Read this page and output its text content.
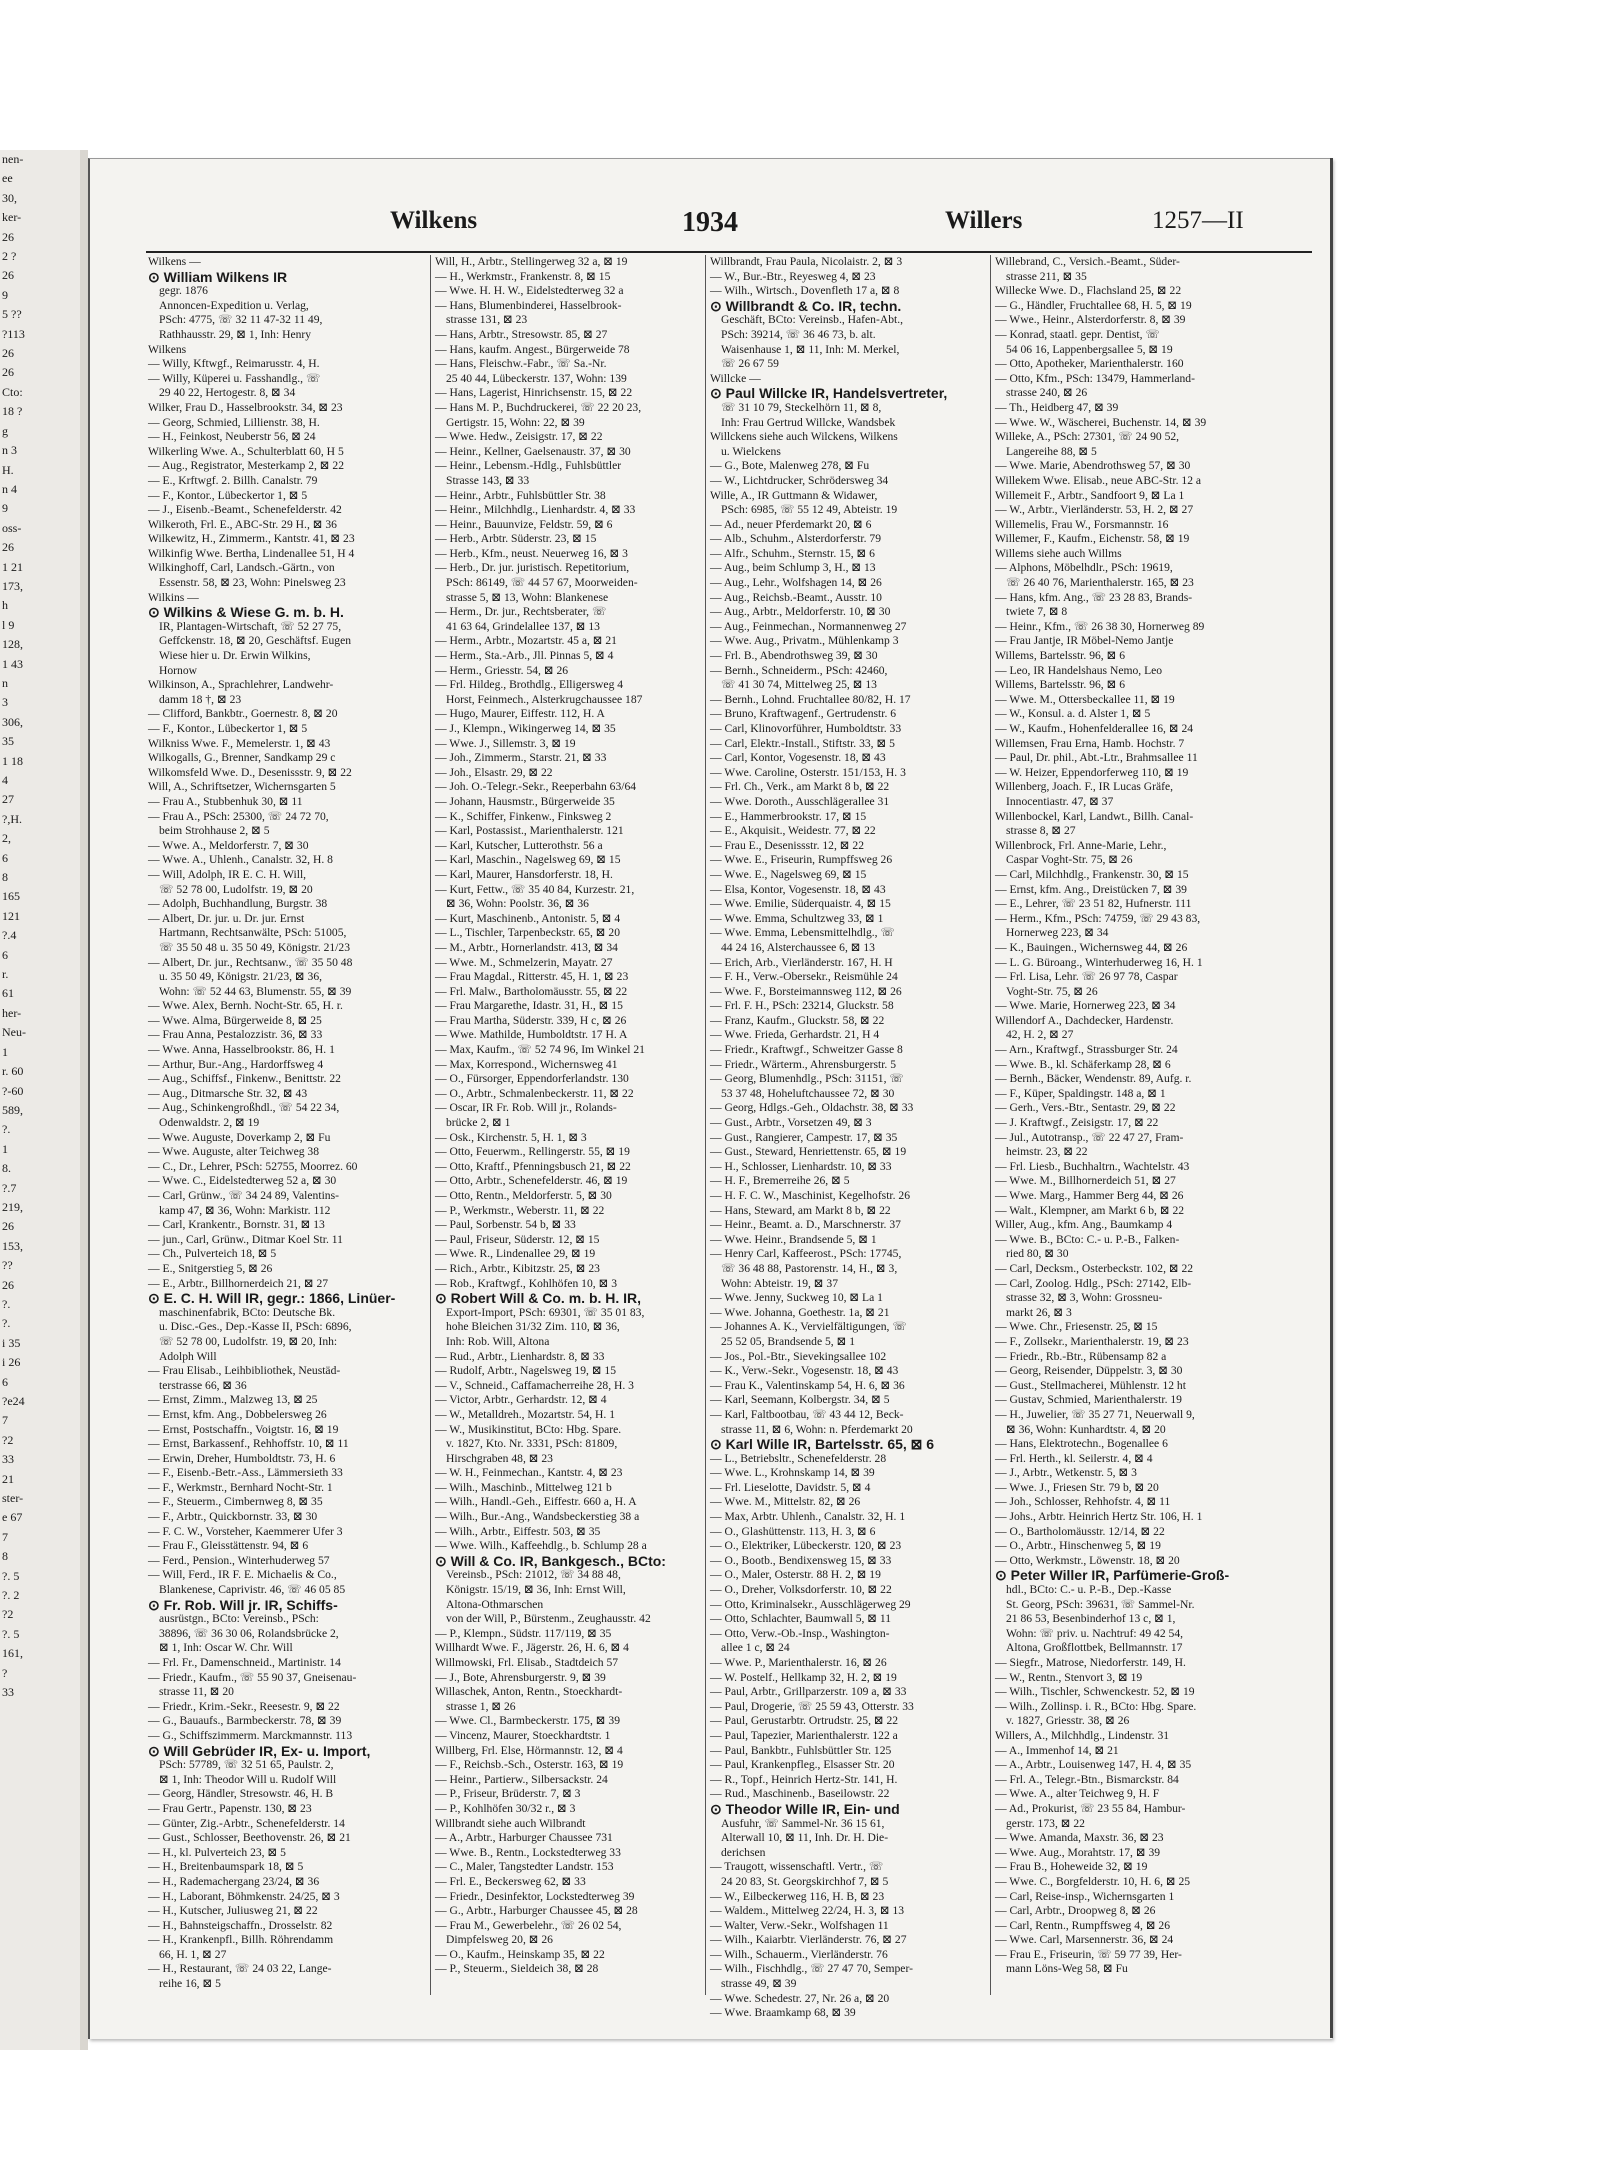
nen-
ee
30,
ker-
26
2 ?
26
9
5 ??
?113
26
26
Cto:
18 ?
g
n 3
H.
n 4
9
oss-
26
1 21
173,
h
l 9
128,
1 43
n
3
306,
35
1 18
4
27
?,H.
2,
6
8
165
121
?.4
6
r.
61
her-
Neu-
1
r. 60
?-60
589,
?.
1
8.
?.7
219,
26
153,
??
26
?.
?.
i 35
i 26
6
?e24
7
?2
33
21
ster-
e 67
7
8
?. 5
?. 2
?2
?. 5
161,
?
33
Wilkens	1934	Willers	1257—II
Wilkens —
⊙ William Wilkens IR
gegr. 1876
Annoncen-Expedition u. Verlag,
PSch: 4775, ☏ 32 11 47-32 11 49,
Rathhausstr. 29, ⊠ 1, Inh: Henry
Wilkens
— Willy, Kftwgf., Reimarusstr. 4, H.
— Willy, Küperei u. Fasshandlg., ☏
29 40 22, Hertogestr. 8, ⊠ 34
Wilker, Frau D., Hasselbrookstr. 34, ⊠ 23
— Georg, Schmied, Lillienstr. 38, H.
— H., Feinkost, Neuberstr 56, ⊠ 24
Wilkerling Wwe. A., Schulterblatt 60, H 5
— Aug., Registrator, Mesterkamp 2, ⊠ 22
— E., Krftwgf. 2. Billh. Canalstr. 79
— F., Kontor., Lübeckertor 1, ⊠ 5
— J., Eisenb.-Beamt., Schenefelderstr. 42
Wilkeroth, Frl. E., ABC-Str. 29 H., ⊠ 36
Wilkewitz, H., Zimmerm., Kantstr. 41, ⊠ 23
Wilkinfig Wwe. Bertha, Lindenallee 51, H 4
Wilkinghoff, Carl, Landsch.-Gärtn., von
Essenstr. 58, ⊠ 23, Wohn: Pinelsweg 23
Wilkins —
⊙ Wilkins & Wiese G. m. b. H.
IR, Plantagen-Wirtschaft, ☏ 52 27 75,
Geffckenstr. 18, ⊠ 20, Geschäftsf. Eugen
Wiese hier u. Dr. Erwin Wilkins,
Hornow
Wilkinson, A., Sprachlehrer, Landwehr-
damm 18 †, ⊠ 23
— Clifford, Bankbtr., Goernestr. 8, ⊠ 20
— F., Kontor., Lübeckertor 1, ⊠ 5
Wilkniss Wwe. F., Memelerstr. 1, ⊠ 43
Wilkogalls, G., Brenner, Sandkamp 29 c
Wilkomsfeld Wwe. D., Desenissstr. 9, ⊠ 22
Will, A., Schriftsetzer, Wichernsgarten 5
— Frau A., Stubbenhuk 30, ⊠ 11
— Frau A., PSch: 25300, ☏ 24 72 70,
beim Strohhause 2, ⊠ 5
— Wwe. A., Meldorferstr. 7, ⊠ 30
— Wwe. A., Uhlenh., Canalstr. 32, H. 8
— Will, Adolph, IR E. C. H. Will,
☏ 52 78 00, Ludolfstr. 19, ⊠ 20
— Adolph, Buchhandlung, Burgstr. 38
— Albert, Dr. jur. u. Dr. jur. Ernst
Hartmann, Rechtsanwälte, PSch: 51005,
☏ 35 50 48 u. 35 50 49, Königstr. 21/23
— Albert, Dr. jur., Rechtsanw., ☏ 35 50 48
u. 35 50 49, Königstr. 21/23, ⊠ 36,
Wohn: ☏ 52 44 63, Blumenstr. 55, ⊠ 39
— Wwe. Alex, Bernh. Nocht-Str. 65, H. r.
— Wwe. Alma, Bürgerweide 8, ⊠ 25
— Frau Anna, Pestalozzistr. 36, ⊠ 33
— Wwe. Anna, Hasselbrookstr. 86, H. 1
— Arthur, Bur.-Ang., Hardorffsweg 4
— Aug., Schiffsf., Finkenw., Benittstr. 22
— Aug., Ditmarsche Str. 32, ⊠ 43
— Aug., Schinkengroßhdl., ☏ 54 22 34,
Odenwaldstr. 2, ⊠ 19
— Wwe. Auguste, Doverkamp 2, ⊠ Fu
— Wwe. Auguste, alter Teichweg 38
— C., Dr., Lehrer, PSch: 52755, Moorrez. 60
— Wwe. C., Eidelstedterweg 52 a, ⊠ 30
— Carl, Grünw., ☏ 34 24 89, Valentins-
kamp 47, ⊠ 36, Wohn: Markistr. 112
— Carl, Krankentr., Bornstr. 31, ⊠ 13
— jun., Carl, Grünw., Ditmar Koel Str. 11
— Ch., Pulverteich 18, ⊠ 5
— E., Snitgerstieg 5, ⊠ 26
— E., Arbtr., Billhornerdeich 21, ⊠ 27
⊙ E. C. H. Will IR, gegr.: 1866, Linüer-
maschinenfabrik, BCto: Deutsche Bk.
u. Disc.-Ges., Dep.-Kasse II, PSch: 6896,
☏ 52 78 00, Ludolfstr. 19, ⊠ 20, Inh:
Adolph Will
— Frau Elisab., Leihbibliothek, Neustäd-
terstrasse 66, ⊠ 36
— Ernst, Zimm., Malzweg 13, ⊠ 25
— Ernst, kfm. Ang., Dobbelersweg 26
— Ernst, Postschaffn., Voigtstr. 16, ⊠ 19
— Ernst, Barkassenf., Rehhoffstr. 10, ⊠ 11
— Erwin, Dreher, Humboldtstr. 73, H. 6
— F., Eisenb.-Betr.-Ass., Lämmersieth 33
— F., Werkmstr., Bernhard Nocht-Str. 1
— F., Steuerm., Cimbernweg 8, ⊠ 35
— F., Arbtr., Quickbornstr. 33, ⊠ 30
— F. C. W., Vorsteher, Kaemmerer Ufer 3
— Frau F., Gleisstättenstr. 94, ⊠ 6
— Ferd., Pension., Winterhuderweg 57
— Will, Ferd., IR F. E. Michaelis & Co.,
Blankenese, Caprivistr. 46, ☏ 46 05 85
⊙ Fr. Rob. Will jr. IR, Schiffs-
ausrüstgn., BCto: Vereinsb., PSch:
38896, ☏ 36 30 06, Rolandsbrücke 2,
⊠ 1, Inh: Oscar W. Chr. Will
— Frl. Fr., Damenschneid., Martinistr. 14
— Friedr., Kaufm., ☏ 55 90 37, Gneisenau-
strasse 11, ⊠ 20
— Friedr., Krim.-Sekr., Reesestr. 9, ⊠ 22
— G., Bauaufs., Barmbeckerstr. 78, ⊠ 39
— G., Schiffszimmerm. Marckmannstr. 113
⊙ Will Gebrüder IR, Ex- u. Import,
PSch: 57789, ☏ 32 51 65, Paulstr. 2,
⊠ 1, Inh: Theodor Will u. Rudolf Will
— Georg, Händler, Stresowstr. 46, H. B
— Frau Gertr., Papenstr. 130, ⊠ 23
— Günter, Zig.-Arbtr., Schenefelderstr. 14
— Gust., Schlosser, Beethovenstr. 26, ⊠ 21
— H., kl. Pulverteich 23, ⊠ 5
— H., Breitenbaumspark 18, ⊠ 5
— H., Rademachergang 23/24, ⊠ 36
— H., Laborant, Böhmkenstr. 24/25, ⊠ 3
— H., Kutscher, Juliusweg 21, ⊠ 22
— H., Bahnsteigschaffn., Drosselstr. 82
— H., Krankenpfl., Billh. Röhrendamm
66, H. 1, ⊠ 27
— H., Restaurant, ☏ 24 03 22, Lange-
reihe 16, ⊠ 5
Will, H., Arbtr., Stellingerweg 32 a, ⊠ 19
— H., Werkmstr., Frankenstr. 8, ⊠ 15
— Wwe. H. H. W., Eidelstedterweg 32 a
— Hans, Blumenbinderei, Hasselbrook-
strasse 131, ⊠ 23
— Hans, Arbtr., Stresowstr. 85, ⊠ 27
— Hans, kaufm. Angest., Bürgerweide 78
— Hans, Fleischw.-Fabr., ☏ Sa.-Nr.
25 40 44, Lübeckerstr. 137, Wohn: 139
— Hans, Lagerist, Hinrichsenstr. 15, ⊠ 22
— Hans M. P., Buchdruckerei, ☏ 22 20 23,
Gertigstr. 15, Wohn: 22, ⊠ 39
— Wwe. Hedw., Zeisigstr. 17, ⊠ 22
— Heinr., Kellner, Gaelsenaustr. 37, ⊠ 30
— Heinr., Lebensm.-Hdlg., Fuhlsbüttler
Strasse 143, ⊠ 33
— Heinr., Arbtr., Fuhlsbüttler Str. 38
— Heinr., Milchhdlg., Lienhardstr. 4, ⊠ 33
— Heinr., Bauunvize, Feldstr. 59, ⊠ 6
— Herb., Arbtr. Süderstr. 23, ⊠ 15
— Herb., Kfm., neust. Neuerweg 16, ⊠ 3
— Herb., Dr. jur. juristisch. Repetitorium,
PSch: 86149, ☏ 44 57 67, Moorweiden-
strasse 5, ⊠ 13, Wohn: Blankenese
— Herm., Dr. jur., Rechtsberater, ☏
41 63 64, Grindelallee 137, ⊠ 13
— Herm., Arbtr., Mozartstr. 45 a, ⊠ 21
— Herm., Sta.-Arb., Jll. Pinnas 5, ⊠ 4
— Herm., Griesstr. 54, ⊠ 26
— Frl. Hildeg., Brothdlg., Elligersweg 4
Horst, Feinmech., Alsterkrugchaussee 187
— Hugo, Maurer, Eiffestr. 112, H. A
— J., Klempn., Wikingerweg 14, ⊠ 35
— Wwe. J., Sillemstr. 3, ⊠ 19
— Joh., Zimmerm., Starstr. 21, ⊠ 33
— Joh., Elsastr. 29, ⊠ 22
— Joh. O.-Telegr.-Sekr., Reeperbahn 63/64
— Johann, Hausmstr., Bürgerweide 35
— K., Schiffer, Finkenw., Finksweg 2
— Karl, Postassist., Marienthalerstr. 121
— Karl, Kutscher, Lutterothstr. 56 a
— Karl, Maschin., Nagelsweg 69, ⊠ 15
— Karl, Maurer, Hansdorferstr. 18, H.
— Kurt, Fettw., ☏ 35 40 84, Kurzestr. 21,
⊠ 36, Wohn: Poolstr. 36, ⊠ 36
— Kurt, Maschinenb., Antonistr. 5, ⊠ 4
— L., Tischler, Tarpenbeckstr. 65, ⊠ 20
— M., Arbtr., Hornerlandstr. 413, ⊠ 34
— Wwe. M., Schmelzerin, Mayatr. 27
— Frau Magdal., Ritterstr. 45, H. 1, ⊠ 23
— Frl. Malw., Bartholomäusstr. 55, ⊠ 22
— Frau Margarethe, Idastr. 31, H., ⊠ 15
— Frau Martha, Süderstr. 339, H c, ⊠ 26
— Wwe. Mathilde, Humboldtstr. 17 H. A
— Max, Kaufm., ☏ 52 74 96, Im Winkel 21
— Max, Korrespond., Wichernsweg 41
— O., Fürsorger, Eppendorferlandstr. 130
— O., Arbtr., Schmalenbeckerstr. 11, ⊠ 22
— Oscar, IR Fr. Rob. Will jr., Rolands-
brücke 2, ⊠ 1
— Osk., Kirchenstr. 5, H. 1, ⊠ 3
— Otto, Feuerwm., Rellingerstr. 55, ⊠ 19
— Otto, Kraftf., Pfenningsbusch 21, ⊠ 22
— Otto, Arbtr., Schenefelderstr. 46, ⊠ 19
— Otto, Rentn., Meldorferstr. 5, ⊠ 30
— P., Werkmstr., Weberstr. 11, ⊠ 22
— Paul, Sorbenstr. 54 b, ⊠ 33
— Paul, Friseur, Süderstr. 12, ⊠ 15
— Wwe. R., Lindenallee 29, ⊠ 19
— Rich., Arbtr., Kibitzstr. 25, ⊠ 23
— Rob., Kraftwgf., Kohlhöfen 10, ⊠ 3
⊙ Robert Will & Co. m. b. H. IR,
Export-Import, PSch: 69301, ☏ 35 01 83,
hohe Bleichen 31/32 Zim. 110, ⊠ 36,
Inh: Rob. Will, Altona
— Rud., Arbtr., Lienhardstr. 8, ⊠ 33
— Rudolf, Arbtr., Nagelsweg 19, ⊠ 15
— V., Schneid., Caffamacherreihe 28, H. 3
— Victor, Arbtr., Gerhardstr. 12, ⊠ 4
— W., Metalldreh., Mozartstr. 54, H. 1
— W., Musikinstitut, BCto: Hbg. Spare.
v. 1827, Kto. Nr. 3331, PSch: 81809,
Hirschgraben 48, ⊠ 23
— W. H., Feinmechan., Kantstr. 4, ⊠ 23
— Wilh., Maschinb., Mittelweg 121 b
— Wilh., Handl.-Geh., Eiffestr. 660 a, H. A
— Wilh., Bur.-Ang., Wandsbeckerstieg 38 a
— Wilh., Arbtr., Eiffestr. 503, ⊠ 35
— Wwe. Wilh., Kaffeehdlg., b. Schlump 28 a
⊙ Will & Co. IR, Bankgesch., BCto:
Vereinsb., PSch: 21012, ☏ 34 88 48,
Königstr. 15/19, ⊠ 36, Inh: Ernst Will,
Altona-Othmarschen
von der Will, P., Bürstenm., Zeughausstr. 42
— P., Klempn., Südstr. 117/119, ⊠ 35
Willhardt Wwe. F., Jägerstr. 26, H. 6, ⊠ 4
Willmowski, Frl. Elisab., Stadtdeich 57
— J., Bote, Ahrensburgerstr. 9, ⊠ 39
Willaschek, Anton, Rentn., Stoeckhardt-
strasse 1, ⊠ 26
— Wwe. Cl., Barmbeckerstr. 175, ⊠ 39
— Vincenz, Maurer, Stoeckhardtstr. 1
Willberg, Frl. Else, Hörmannstr. 12, ⊠ 4
— F., Reichsb.-Sch., Osterstr. 163, ⊠ 19
— Heinr., Partierw., Silbersackstr. 24
— P., Friseur, Brüderstr. 7, ⊠ 3
— P., Kohlhöfen 30/32 r., ⊠ 3
Willbrandt siehe auch Wilbrandt
— A., Arbtr., Harburger Chaussee 731
— Wwe. B., Rentn., Lockstedterweg 33
— C., Maler, Tangstedter Landstr. 153
— Frl. E., Beckersweg 62, ⊠ 33
— Friedr., Desinfektor, Lockstedterweg 39
— G., Arbtr., Harburger Chaussee 45, ⊠ 28
— Frau M., Gewerbelehr., ☏ 26 02 54,
Dimpfelsweg 20, ⊠ 26
— O., Kaufm., Heinskamp 35, ⊠ 22
— P., Steuerm., Sieldeich 38, ⊠ 28
Willbrandt, Frau Paula, Nicolaistr. 2, ⊠ 3
— W., Bur.-Btr., Reyesweg 4, ⊠ 23
— Wilh., Wirtsch., Dovenfleth 17 a, ⊠ 8
⊙ Willbrandt & Co. IR, techn.
Geschäft, BCto: Vereinsb., Hafen-Abt.,
PSch: 39214, ☏ 36 46 73, b. alt.
Waisenhause 1, ⊠ 11, Inh: M. Merkel,
☏ 26 67 59
Willcke —
⊙ Paul Willcke IR, Handelsvertreter,
☏ 31 10 79, Steckelhörn 11, ⊠ 8,
Inh: Frau Gertrud Willcke, Wandsbek
Willckens siehe auch Wilckens, Wilkens
u. Wielckens
— G., Bote, Malenweg 278, ⊠ Fu
— W., Lichtdrucker, Schrödersweg 34
Wille, A., IR Guttmann & Widawer,
PSch: 6985, ☏ 55 12 49, Abteistr. 19
— Ad., neuer Pferdemarkt 20, ⊠ 6
— Alb., Schuhm., Alsterdorferstr. 79
— Alfr., Schuhm., Sternstr. 15, ⊠ 6
— Aug., beim Schlump 3, H., ⊠ 13
— Aug., Lehr., Wolfshagen 14, ⊠ 26
— Aug., Reichsb.-Beamt., Ausstr. 10
— Aug., Arbtr., Meldorferstr. 10, ⊠ 30
— Aug., Feinmechan., Normannenweg 27
— Wwe. Aug., Privatm., Mühlenkamp 3
— Frl. B., Abendrothsweg 39, ⊠ 30
— Bernh., Schneiderm., PSch: 42460,
☏ 41 30 74, Mittelweg 25, ⊠ 13
— Bernh., Lohnd. Fruchtallee 80/82, H. 17
— Bruno, Kraftwagenf., Gertrudenstr. 6
— Carl, Klinovorführer, Humboldtstr. 33
— Carl, Elektr.-Install., Stiftstr. 33, ⊠ 5
— Carl, Kontor, Vogesenstr. 18, ⊠ 43
— Wwe. Caroline, Osterstr. 151/153, H. 3
— Frl. Ch., Verk., am Markt 8 b, ⊠ 22
— Wwe. Doroth., Ausschlägerallee 31
— E., Hammerbrookstr. 17, ⊠ 15
— E., Akquisit., Weidestr. 77, ⊠ 22
— Frau E., Desenissstr. 12, ⊠ 22
— Wwe. E., Friseurin, Rumpffsweg 26
— Wwe. E., Nagelsweg 69, ⊠ 15
— Elsa, Kontor, Vogesenstr. 18, ⊠ 43
— Wwe. Emilie, Süderquaistr. 4, ⊠ 15
— Wwe. Emma, Schultzweg 33, ⊠ 1
— Wwe. Emma, Lebensmittelhdlg., ☏
44 24 16, Alsterchaussee 6, ⊠ 13
— Erich, Arb., Vierländerstr. 167, H. H
— F. H., Verw.-Obersekr., Reismühle 24
— Wwe. F., Borsteimannsweg 112, ⊠ 26
— Frl. F. H., PSch: 23214, Gluckstr. 58
— Franz, Kaufm., Gluckstr. 58, ⊠ 22
— Wwe. Frieda, Gerhardstr. 21, H 4
— Friedr., Kraftwgf., Schweitzer Gasse 8
— Friedr., Wärterm., Ahrensburgerstr. 5
— Georg, Blumenhdlg., PSch: 31151, ☏
53 37 48, Hoheluftchaussee 72, ⊠ 30
— Georg, Hdlgs.-Geh., Oldachstr. 38, ⊠ 33
— Gust., Arbtr., Vorsetzen 49, ⊠ 3
— Gust., Rangierer, Campestr. 17, ⊠ 35
— Gust., Steward, Henriettenstr. 65, ⊠ 19
— H., Schlosser, Lienhardstr. 10, ⊠ 33
— H. F., Bremerreihe 26, ⊠ 5
— H. F. C. W., Maschinist, Kegelhofstr. 26
— Hans, Steward, am Markt 8 b, ⊠ 22
— Heinr., Beamt. a. D., Marschnerstr. 37
— Wwe. Heinr., Brandsende 5, ⊠ 1
— Henry Carl, Kaffeerost., PSch: 17745,
☏ 36 48 88, Pastorenstr. 14, H., ⊠ 3,
Wohn: Abteistr. 19, ⊠ 37
— Wwe. Jenny, Suckweg 10, ⊠ La 1
— Wwe. Johanna, Goethestr. 1a, ⊠ 21
— Johannes A. K., Vervielfältigungen, ☏
25 52 05, Brandsende 5, ⊠ 1
— Jos., Pol.-Btr., Sievekingsallee 102
— K., Verw.-Sekr., Vogesenstr. 18, ⊠ 43
— Frau K., Valentinskamp 54, H. 6, ⊠ 36
— Karl, Seemann, Kolbergstr. 34, ⊠ 5
— Karl, Faltbootbau, ☏ 43 44 12, Beck-
strasse 11, ⊠ 6, Wohn: n. Pferdemarkt 20
⊙ Karl Wille IR, Bartelsstr. 65, ⊠ 6
— L., Betriebsltr., Schenefelderstr. 28
— Wwe. L., Krohnskamp 14, ⊠ 39
— Frl. Lieselotte, Davidstr. 5, ⊠ 4
— Wwe. M., Mittelstr. 82, ⊠ 26
— Max, Arbtr. Uhlenh., Canalstr. 32, H. 1
— O., Glashüttenstr. 113, H. 3, ⊠ 6
— O., Elektriker, Lübeckerstr. 120, ⊠ 23
— O., Bootb., Bendixensweg 15, ⊠ 33
— O., Maler, Osterstr. 88 H. 2, ⊠ 19
— O., Dreher, Volksdorferstr. 10, ⊠ 22
— Otto, Kriminalsekr., Ausschlägerweg 29
— Otto, Schlachter, Baumwall 5, ⊠ 11
— Otto, Verw.-Ob.-Insp., Washington-
allee 1 c, ⊠ 24
— Wwe. P., Marienthalerstr. 16, ⊠ 26
— W. Postelf., Hellkamp 32, H. 2, ⊠ 19
— Paul, Arbtr., Grillparzerstr. 109 a, ⊠ 33
— Paul, Drogerie, ☏ 25 59 43, Otterstr. 33
— Paul, Gerustarbtr. Ortrudstr. 25, ⊠ 22
— Paul, Tapezier, Marienthalerstr. 122 a
— Paul, Bankbtr., Fuhlsbüttler Str. 125
— Paul, Krankenpfleg., Elsasser Str. 20
— R., Topf., Heinrich Hertz-Str. 141, H.
— Rud., Maschinenb., Baseilowstr. 22
⊙ Theodor Wille IR, Ein- und
Ausfuhr, ☏ Sammel-Nr. 36 15 61,
Alterwall 10, ⊠ 11, Inh. Dr. H. Die-
derichsen
— Traugott, wissenschaftl. Vertr., ☏
24 20 83, St. Georgskirchhof 7, ⊠ 5
— W., Eilbeckerweg 116, H. B, ⊠ 23
— Waldem., Mittelweg 22/24, H. 3, ⊠ 13
— Walter, Verw.-Sekr., Wolfshagen 11
— Wilh., Kaiarbtr. Vierländerstr. 76, ⊠ 27
— Wilh., Schauerm., Vierländerstr. 76
— Wilh., Fischhdlg., ☏ 27 47 70, Semper-
strasse 49, ⊠ 39
— Wwe. Schedestr. 27, Nr. 26 a, ⊠ 20
— Wwe. Braamkamp 68, ⊠ 39
Willebrand, C., Versich.-Beamt., Süder-
strasse 211, ⊠ 35
Willecke Wwe. D., Flachsland 25, ⊠ 22
— G., Händler, Fruchtallee 68, H. 5, ⊠ 19
— Wwe., Heinr., Alsterdorferstr. 8, ⊠ 39
— Konrad, staatl. gepr. Dentist, ☏
54 06 16, Lappenbergsallee 5, ⊠ 19
— Otto, Apotheker, Marienthalerstr. 160
— Otto, Kfm., PSch: 13479, Hammerland-
strasse 240, ⊠ 26
— Th., Heidberg 47, ⊠ 39
— Wwe. W., Wäscherei, Buchenstr. 14, ⊠ 39
Willeke, A., PSch: 27301, ☏ 24 90 52,
Langereihe 88, ⊠ 5
— Wwe. Marie, Abendrothsweg 57, ⊠ 30
Willekem Wwe. Elisab., neue ABC-Str. 12 a
Willemeit F., Arbtr., Sandfoort 9, ⊠ La 1
— W., Arbtr., Vierländerstr. 53, H. 2, ⊠ 27
Willemelis, Frau W., Forsmannstr. 16
Willemer, F., Kaufm., Eichenstr. 58, ⊠ 19
Willems siehe auch Willms
— Alphons, Möbelhdlr., PSch: 19619,
☏ 26 40 76, Marienthalerstr. 165, ⊠ 23
— Hans, kfm. Ang., ☏ 23 28 83, Brands-
twiete 7, ⊠ 8
— Heinr., Kfm., ☏ 26 38 30, Hornerweg 89
— Frau Jantje, IR Möbel-Nemo Jantje
Willems, Bartelsstr. 96, ⊠ 6
— Leo, IR Handelshaus Nemo, Leo
Willems, Bartelsstr. 96, ⊠ 6
— Wwe. M., Ottersbeckallee 11, ⊠ 19
— W., Konsul. a. d. Alster 1, ⊠ 5
— W., Kaufm., Hohenfelderallee 16, ⊠ 24
Willemsen, Frau Erna, Hamb. Hochstr. 7
— Paul, Dr. phil., Abt.-Ltr., Brahmsallee 11
— W. Heizer, Eppendorferweg 110, ⊠ 19
Willenberg, Joach. F., IR Lucas Gräfe,
Innocentiastr. 47, ⊠ 37
Willenbockel, Karl, Landwt., Billh. Canal-
strasse 8, ⊠ 27
Willenbrock, Frl. Anne-Marie, Lehr.,
Caspar Voght-Str. 75, ⊠ 26
— Carl, Milchhdlg., Frankenstr. 30, ⊠ 15
— Ernst, kfm. Ang., Dreistücken 7, ⊠ 39
— E., Lehrer, ☏ 23 51 82, Hufnerstr. 111
— Herm., Kfm., PSch: 74759, ☏ 29 43 83,
Hornerweg 223, ⊠ 34
— K., Bauingen., Wichernsweg 44, ⊠ 26
— L. G. Büroang., Winterhuderweg 16, H. 1
— Frl. Lisa, Lehr. ☏ 26 97 78, Caspar
Voght-Str. 75, ⊠ 26
— Wwe. Marie, Hornerweg 223, ⊠ 34
Willendorf A., Dachdecker, Hardenstr.
42, H. 2, ⊠ 27
— Arn., Kraftwgf., Strassburger Str. 24
— Wwe. B., kl. Schäferkamp 28, ⊠ 6
— Bernh., Bäcker, Wendenstr. 89, Aufg. r.
— F., Küper, Spaldingstr. 148 a, ⊠ 1
— Gerh., Vers.-Btr., Sentastr. 29, ⊠ 22
— J. Kraftwgf., Zeisigstr. 17, ⊠ 22
— Jul., Autotransp., ☏ 22 47 27, Fram-
heimstr. 23, ⊠ 22
— Frl. Liesb., Buchhaltrn., Wachtelstr. 43
— Wwe. M., Billhornerdeich 51, ⊠ 27
— Wwe. Marg., Hammer Berg 44, ⊠ 26
— Walt., Klempner, am Markt 6 b, ⊠ 22
Willer, Aug., kfm. Ang., Baumkamp 4
— Wwe. B., BCto: C.- u. P.-B., Falken-
ried 80, ⊠ 30
— Carl, Decksm., Osterbeckstr. 102, ⊠ 22
— Carl, Zoolog. Hdlg., PSch: 27142, Elb-
strasse 32, ⊠ 3, Wohn: Grossneu-
markt 26, ⊠ 3
— Wwe. Chr., Friesenstr. 25, ⊠ 15
— F., Zollsekr., Marienthalerstr. 19, ⊠ 23
— Friedr., Rb.-Btr., Rübensamp 82 a
— Georg, Reisender, Düppelstr. 3, ⊠ 30
— Gust., Stellmacherei, Mühlenstr. 12 ht
— Gustav, Schmied, Marienthalerstr. 19
— H., Juwelier, ☏ 35 27 71, Neuerwall 9,
⊠ 36, Wohn: Kunhardtstr. 4, ⊠ 20
— Hans, Elektrotechn., Bogenallee 6
— Frl. Herth., kl. Seilerstr. 4, ⊠ 4
— J., Arbtr., Wetkenstr. 5, ⊠ 3
— Wwe. J., Friesen Str. 79 b, ⊠ 20
— Joh., Schlosser, Rehhofstr. 4, ⊠ 11
— Johs., Arbtr. Heinrich Hertz Str. 106, H. 1
— O., Bartholomäusstr. 12/14, ⊠ 22
— O., Arbtr., Hinschenweg 5, ⊠ 19
— Otto, Werkmstr., Löwenstr. 18, ⊠ 20
⊙ Peter Willer IR, Parfümerie-Groß-
hdl., BCto: C.- u. P.-B., Dep.-Kasse
St. Georg, PSch: 39631, ☏ Sammel-Nr.
21 86 53, Besenbinderhof 13 c, ⊠ 1,
Wohn: ☏ priv. u. Nachtruf: 49 42 54,
Altona, Großflottbek, Bellmannstr. 17
— Siegfr., Matrose, Niedorferstr. 149, H.
— W., Rentn., Stenvort 3, ⊠ 19
— Wilh., Tischler, Schwenckestr. 52, ⊠ 19
— Wilh., Zollinsp. i. R., BCto: Hbg. Spare.
v. 1827, Griesstr. 38, ⊠ 26
Willers, A., Milchhdlg., Lindenstr. 31
— A., Immenhof 14, ⊠ 21
— A., Arbtr., Louisenweg 147, H. 4, ⊠ 35
— Frl. A., Telegr.-Btn., Bismarckstr. 84
— Wwe. A., alter Teichweg 9, H. F
— Ad., Prokurist, ☏ 23 55 84, Hambur-
gerstr. 173, ⊠ 22
— Wwe. Amanda, Maxstr. 36, ⊠ 23
— Wwe. Aug., Morahtstr. 17, ⊠ 39
— Frau B., Hoheweide 32, ⊠ 19
— Wwe. C., Borgfelderstr. 10, H. 6, ⊠ 25
— Carl, Reise-insp., Wichernsgarten 1
— Carl, Arbtr., Droopweg 8, ⊠ 26
— Carl, Rentn., Rumpffsweg 4, ⊠ 26
— Wwe. Carl, Marsennerstr. 36, ⊠ 24
— Frau E., Friseurin, ☏ 59 77 39, Her-
mann Löns-Weg 58, ⊠ Fu
